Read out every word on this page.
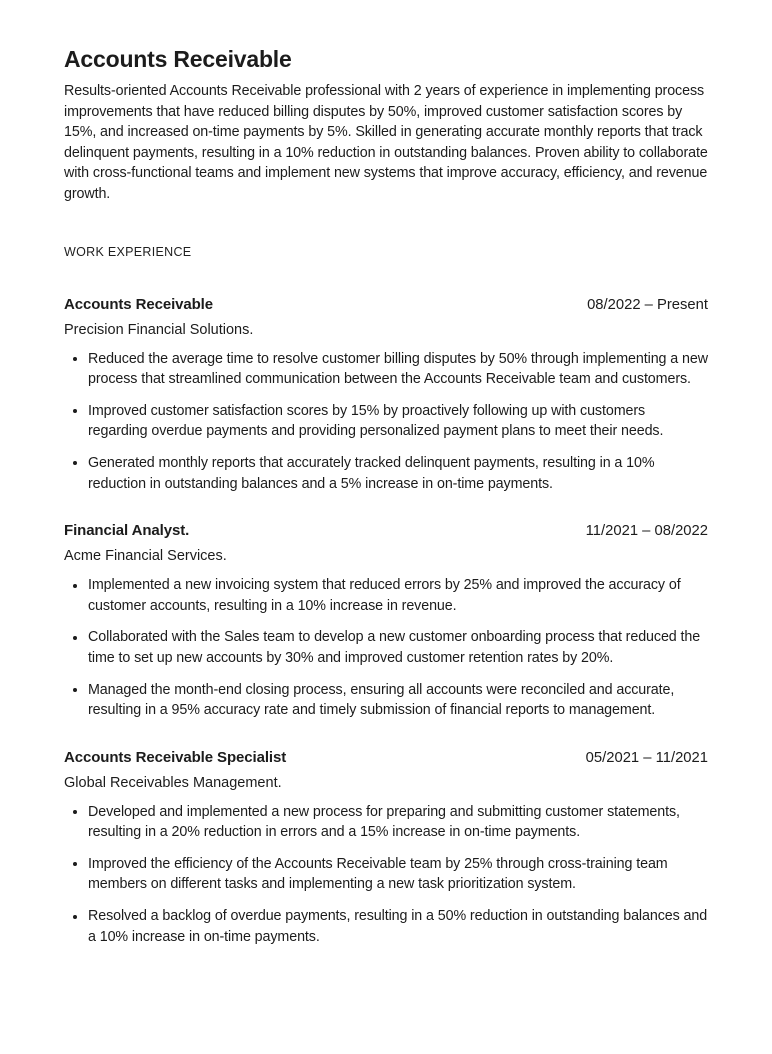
Accounts Receivable

Results-oriented Accounts Receivable professional with 2 years of experience in implementing process improvements that have reduced billing disputes by 50%, improved customer satisfaction scores by 15%, and increased on-time payments by 5%. Skilled in generating accurate monthly reports that track delinquent payments, resulting in a 10% reduction in outstanding balances. Proven ability to collaborate with cross-functional teams and implement new systems that improve accuracy, efficiency, and revenue growth.

WORK EXPERIENCE
Accounts Receivable	08/2022 – Present
Precision Financial Solutions.
Reduced the average time to resolve customer billing disputes by 50% through implementing a new process that streamlined communication between the Accounts Receivable team and customers.
Improved customer satisfaction scores by 15% by proactively following up with customers regarding overdue payments and providing personalized payment plans to meet their needs.
Generated monthly reports that accurately tracked delinquent payments, resulting in a 10% reduction in outstanding balances and a 5% increase in on-time payments.
Financial Analyst.	11/2021 – 08/2022
Acme Financial Services.
Implemented a new invoicing system that reduced errors by 25% and improved the accuracy of customer accounts, resulting in a 10% increase in revenue.
Collaborated with the Sales team to develop a new customer onboarding process that reduced the time to set up new accounts by 30% and improved customer retention rates by 20%.
Managed the month-end closing process, ensuring all accounts were reconciled and accurate, resulting in a 95% accuracy rate and timely submission of financial reports to management.
Accounts Receivable Specialist	05/2021 – 11/2021
Global Receivables Management.
Developed and implemented a new process for preparing and submitting customer statements, resulting in a 20% reduction in errors and a 15% increase in on-time payments.
Improved the efficiency of the Accounts Receivable team by 25% through cross-training team members on different tasks and implementing a new task prioritization system.
Resolved a backlog of overdue payments, resulting in a 50% reduction in outstanding balances and a 10% increase in on-time payments.
